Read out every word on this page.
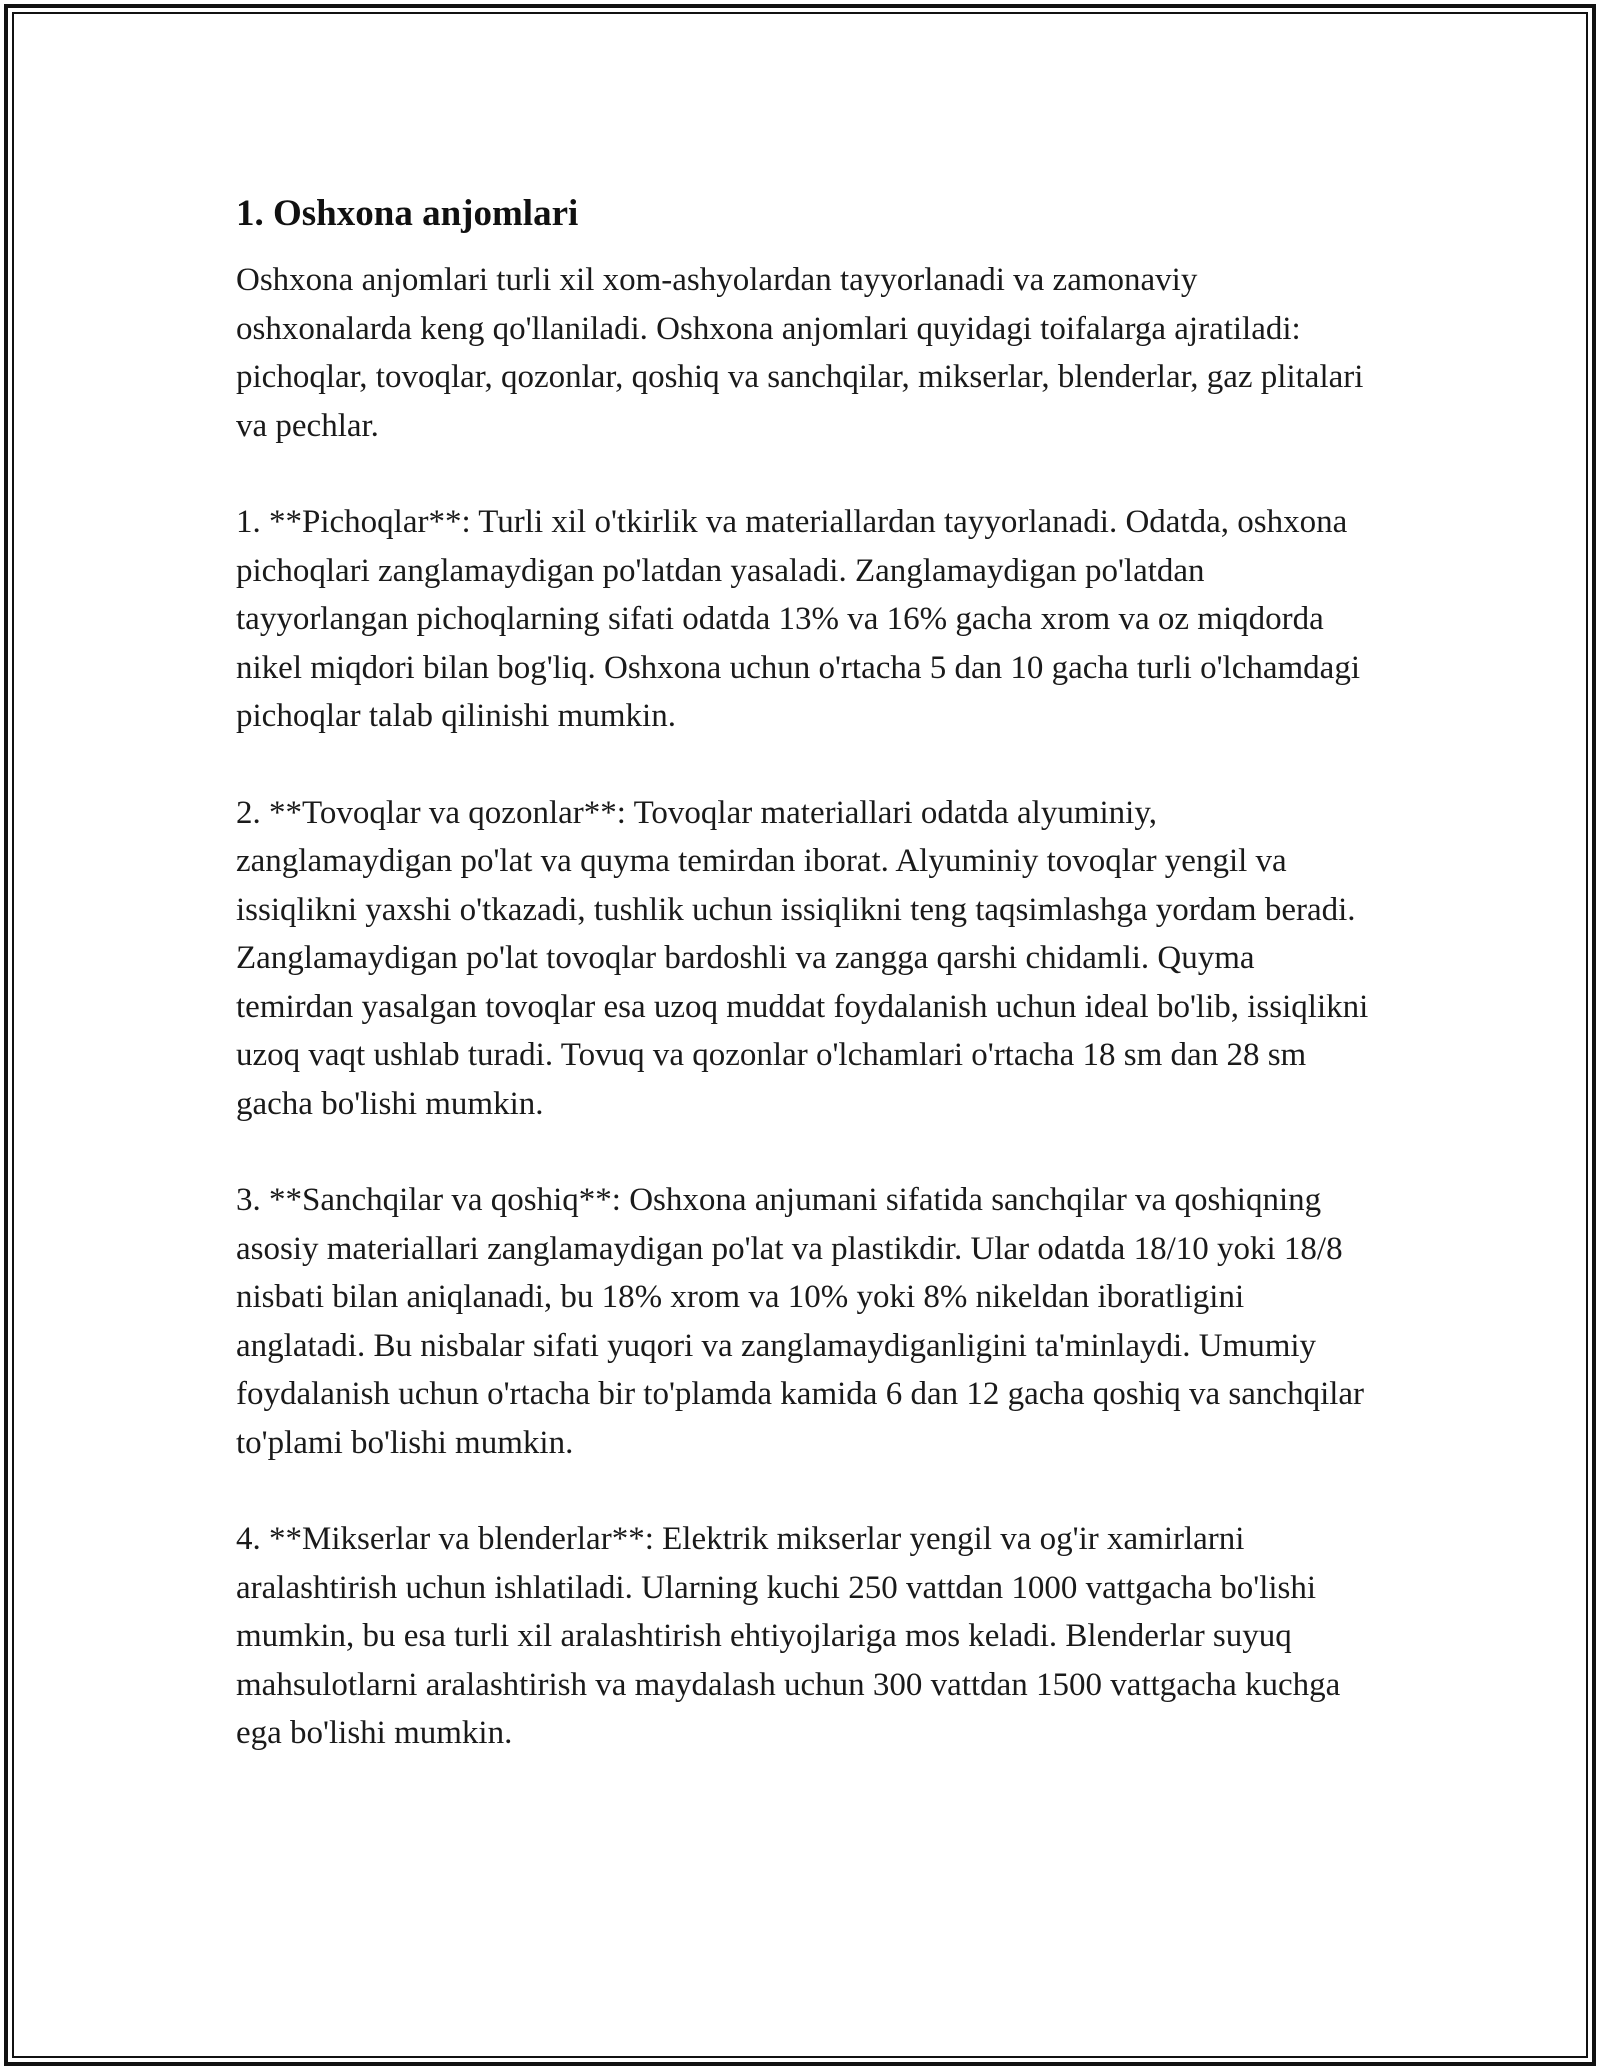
1. Oshxona anjomlari

Oshxona anjomlari turli xil xom-ashyolardan tayyorlanadi va zamonaviy oshxonalarda keng qo'llaniladi. Oshxona anjomlari quyidagi toifalarga ajratiladi: pichoqlar, tovoqlar, qozonlar, qoshiq va sanchqilar, mikserlar, blenderlar, gaz plitalari va pechlar.

1. **Pichoqlar**: Turli xil o'tkirlik va materiallardan tayyorlanadi. Odatda, oshxona pichoqlari zanglamaydigan po'latdan yasaladi. Zanglamaydigan po'latdan tayyorlangan pichoqlarning sifati odatda 13% va 16% gacha xrom va oz miqdorda nikel miqdori bilan bog'liq. Oshxona uchun o'rtacha 5 dan 10 gacha turli o'lchamdagi pichoqlar talab qilinishi mumkin.

2. **Tovoqlar va qozonlar**: Tovoqlar materiallari odatda alyuminiy, zanglamaydigan po'lat va quyma temirdan iborat. Alyuminiy tovoqlar yengil va issiqlikni yaxshi o'tkazadi, tushlik uchun issiqlikni teng taqsimlashga yordam beradi. Zanglamaydigan po'lat tovoqlar bardoshli va zangga qarshi chidamli. Quyma temirdan yasalgan tovoqlar esa uzoq muddat foydalanish uchun ideal bo'lib, issiqlikni uzoq vaqt ushlab turadi. Tovuq va qozonlar o'lchamlari o'rtacha 18 sm dan 28 sm gacha bo'lishi mumkin.

3. **Sanchqilar va qoshiq**: Oshxona anjumani sifatida sanchqilar va qoshiqning asosiy materiallari zanglamaydigan po'lat va plastikdir. Ular odatda 18/10 yoki 18/8 nisbati bilan aniqlanadi, bu 18% xrom va 10% yoki 8% nikeldan iboratligini anglatadi. Bu nisbalar sifati yuqori va zanglamaydiganligini ta'minlaydi. Umumiy foydalanish uchun o'rtacha bir to'plamda kamida 6 dan 12 gacha qoshiq va sanchqilar to'plami bo'lishi mumkin.

4. **Mikserlar va blenderlar**: Elektrik mikserlar yengil va og'ir xamirlarni aralashtirish uchun ishlatiladi. Ularning kuchi 250 vattdan 1000 vattgacha bo'lishi mumkin, bu esa turli xil aralashtirish ehtiyojlariga mos keladi. Blenderlar suyuq mahsulotlarni aralashtirish va maydalash uchun 300 vattdan 1500 vattgacha kuchga ega bo'lishi mumkin.
